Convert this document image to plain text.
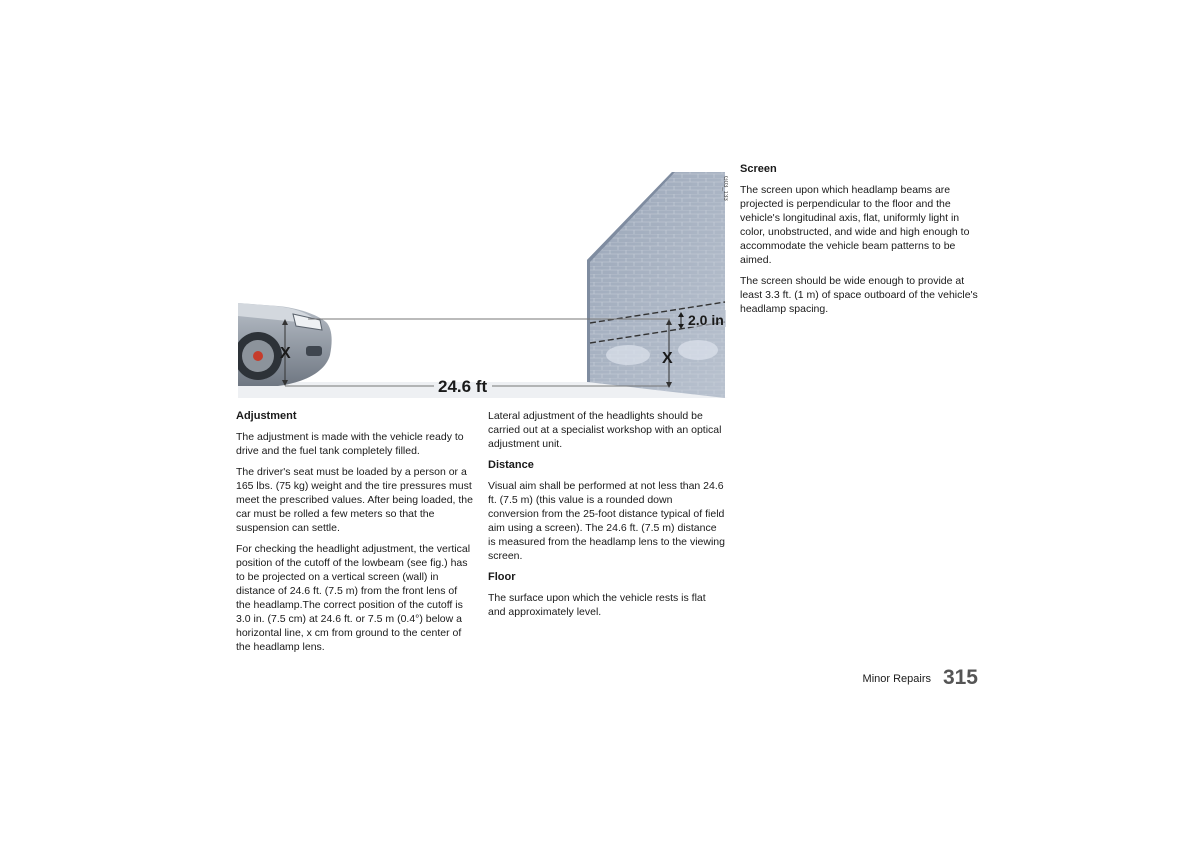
G03_133
X	X
2.0 in
24.6 ft
Adjustment

The adjustment is made with the vehicle ready to drive and the fuel tank completely filled.

The driver's seat must be loaded by a person or a 165 lbs. (75 kg) weight and the tire pressures must meet the prescribed values. After being loaded, the car must be rolled a few meters so that the suspension can settle.

For checking the headlight adjustment, the vertical position of the cutoff of the lowbeam (see fig.) has to be projected on a vertical screen (wall) in distance of 24.6 ft. (7.5 m) from the front lens of the headlamp.The correct position of the cutoff is 3.0 in. (7.5 cm) at 24.6 ft. or 7.5 m (0.4°) below a horizontal line, x cm from ground to the center of the headlamp lens.

Lateral adjustment of the headlights should be carried out at a specialist workshop with an optical adjustment unit.

Distance

Visual aim shall be performed at not less than 24.6 ft. (7.5 m) (this value is a rounded down conversion from the 25-foot distance typical of field aim using a screen). The 24.6 ft. (7.5 m) distance is measured from the headlamp lens to the viewing screen.

Floor

The surface upon which the vehicle rests is flat and approximately level.

Screen

The screen upon which headlamp beams are projected is perpendicular to the floor and the vehicle's longitudinal axis, flat, uniformly light in color, unobstructed, and wide and high enough to accommodate the vehicle beam patterns to be aimed.

The screen should be wide enough to provide at least 3.3 ft. (1 m) of space outboard of the vehicle's headlamp spacing.

Minor Repairs 315
